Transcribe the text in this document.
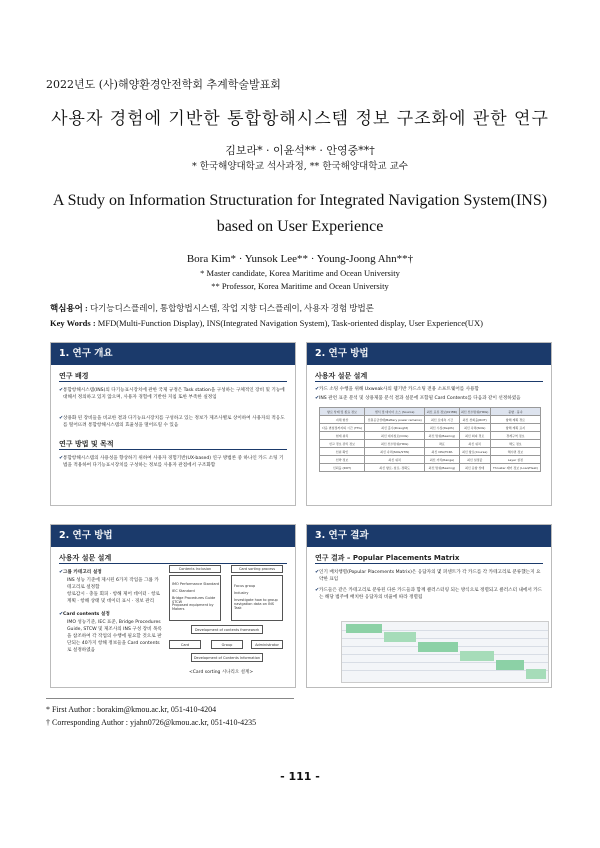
2022년도 (사)해양환경안전학회 추계학술발표회
사용자 경험에 기반한 통합항해시스템 정보 구조화에 관한 연구
김보라* · 이윤석** · 안영중**†
* 한국해양대학교 석사과정, ** 한국해양대학교 교수
A Study on Information Structuration for Integrated Navigation System(INS)
based on User Experience
Bora Kim* · Yunsok Lee** · Young-Joong Ahn**†
* Master candidate, Korea Maritime and Ocean University
** Professor, Korea Maritime and Ocean University
핵심용어 : 다기능디스플레이, 통합항법시스템, 작업 지향 디스플레이, 사용자 경험 방법론
Key Words : MFD(Multi-Function Display), INS(Integrated Navigation System), Task-oriented display, User Experience(UX)
1. 연구 개요
연구 배경
✔ 통합항해시스템(INS)의 다기능표시장치에 관한 국제 규정은 Task station을 구성하는 구체적인 장비 및 기능에 대해서 정의하고 있지 않으며, 사용자 경험에 기반한 지침 또한 부족한 실정임
✔ 상용화 된 장비들을 비교한 결과 다기능표시장치를 구성하고 있는 정보가 제조사별로 상이하여 사용자의 적응도를 떨어뜨려 통합항해시스템의 효율성을 떨어뜨릴 수 있음
연구 방법 및 목적
✔ 통합항해시스템의 사용성을 향상하기 위하여 사용자 경험기반(UX-based) 연구 방법론 중 하나인 카드 소팅 기법을 적용하여 다기능표시장치를 구성하는 정보를 사용자 관점에서 구조화함
2. 연구 방법
사용자 설문 설계
✔ 카드 소팅 수행을 위해 Uxweak사의 웹기반 카드소팅 전용 소프트웨어를 사용함
✔ INS 관련 표준 분석 및 상용제품 분석 결과 설문에 포함될 Card Contents를 다음과 같이 선정하였음
항로 상태 및 종료 정보	센서 및 데이터 소스 (Source)	최신 표류 정보(DriftR)	최신 선수방위(HDG)	풍향 · 풍속
지체 현상	전원공급상태(Battery power remains)	최신 로예측 시간	최신 선회율(ROT)	항해 계획 경로
다음 변침점까지의 시간 (TTG)	최신 흘수(Draught)	최신 수심(Depth)	최신 속력(SOG)	항해 계획 표지
현재 위치	최신 대지침로(COG)	최신 방위(Bearing)	최신 회피 경로	경계구역 정보
선교 경보 관리 정보	최신 선수방위(HDG)	좌표	최신 위치	해도 정보
선위 확인	최신 속력(SOG/STW)	최신 CPA/TCPA	최신 항로(Course)	해수면 정보
선박 정보	최신 위치	최신 거리(Range)	최신 설정값	Layer 설정
신뢰율 (ROT)	최신 항로, 침로, 정확도	최신 방위(Bearing)	최신 운항 상태	Thruster 제어 정보 (Load/Heat)
2. 연구 방법
사용자 설문 설계
✔ 그룹 카테고리 설정
INS 성능 기준에 제시된 6가지 작업을 그룹 카테고리로 설정함
항로감시 · 충돌 회피 · 항해 제어 데이터 · 항로계획 · 항해 상태 및 데이터 표시 · 경보 관리
✔ Card contents 설정
IMO 성능기준, IEC 표준, Bridge Procedures Guide, STCW 및 제조사의 INS 구성 장비 목록을 참조하여 각 작업의 수행에 필요할 것으로 판단되는 40가지 항해 정보들을 Card contents로 설정하였음
Contents Inclusion	Card sorting process
IMO Performance Standard
IEC Standard
Bridge Procedures Guide STCW
Proposed equipment by Makers
Focus group
Industry
Investigate how to group navigation data on INS Task
Development of contents framework
Card	Group	Administrator
Development of Contents Information
<Card sorting 시나리오 설계>
3. 연구 결과
연구 결과 – Popular Placements Matrix
✔ 인기 배치행렬(Popular Placements Matrix)은 응답자의 몇 퍼센트가 각 카드를 각 카테고리로 분류했는지 요약한 표임
✔ 카드들은 같은 카테고리로 분류된 다른 카드들과 함께 클러스터링 되는 방식으로 정렬되고 클러스터 내에서 카드는 해당 범주에 배치한 응답자의 비율에 따라 정렬됨
* First Author : borakim@kmou.ac.kr, 051-410-4204
† Corresponding Author : yjahn0726@kmou.ac.kr, 051-410-4235
- 111 -
